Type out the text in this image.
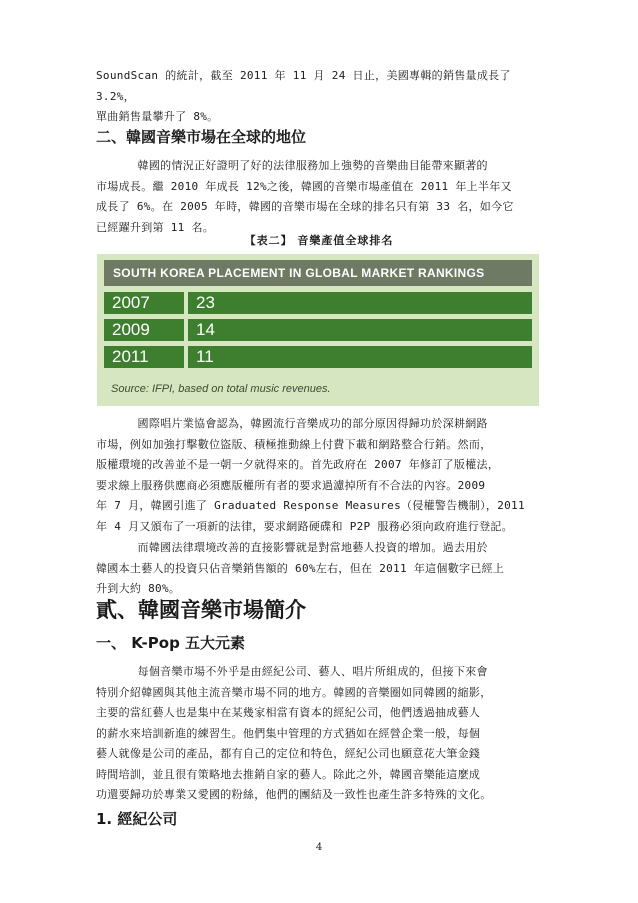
SoundScan 的統計，截至 2011 年 11 月 24 日止，美國專輯的銷售量成長了 3.2%，
單曲銷售量攀升了 8%。

二、韓國音樂市場在全球的地位

韓國的情況正好證明了好的法律服務加上強勢的音樂曲目能帶來顯著的
市場成長。繼 2010 年成長 12%之後，韓國的音樂市場產值在 2011 年上半年又
成長了 6%。在 2005 年時，韓國的音樂市場在全球的排名只有第 33 名，如今它
已經躍升到第 11 名。

【表二】 音樂產值全球排名
SOUTH KOREA PLACEMENT IN GLOBAL MARKET RANKINGS
2007	23
2009	14
2011	11
Source: IFPI, based on total music revenues.

國際唱片業協會認為，韓國流行音樂成功的部分原因得歸功於深耕網路
市場，例如加強打擊數位盜版、積極推動線上付費下載和網路整合行銷。然而，
版權環境的改善並不是一朝一夕就得來的。首先政府在 2007 年修訂了版權法，
要求線上服務供應商必須應版權所有者的要求過濾掉所有不合法的內容。2009
年 7 月，韓國引進了 Graduated Response Measures（侵權警告機制），2011
年 4 月又頒布了一項新的法律，要求網路硬碟和 P2P 服務必須向政府進行登記。

而韓國法律環境改善的直接影響就是對當地藝人投資的增加。過去用於
韓國本土藝人的投資只佔音樂銷售額的 60%左右，但在 2011 年這個數字已經上
升到大約 80%。

貳、韓國音樂市場簡介
一、 K-Pop 五大元素

每個音樂市場不外乎是由經紀公司、藝人、唱片所組成的，但接下來會
特別介紹韓國與其他主流音樂市場不同的地方。韓國的音樂圈如同韓國的縮影，
主要的當紅藝人也是集中在某幾家相當有資本的經紀公司，他們透過抽成藝人
的薪水來培訓新進的練習生。他們集中管理的方式猶如在經營企業一般，每個
藝人就像是公司的產品，都有自己的定位和特色，經紀公司也願意花大筆金錢
時間培訓，並且很有策略地去推銷自家的藝人。除此之外，韓國音樂能這麼成
功還要歸功於專業又愛國的粉絲，他們的團結及一致性也產生許多特殊的文化。

1. 經紀公司
4
